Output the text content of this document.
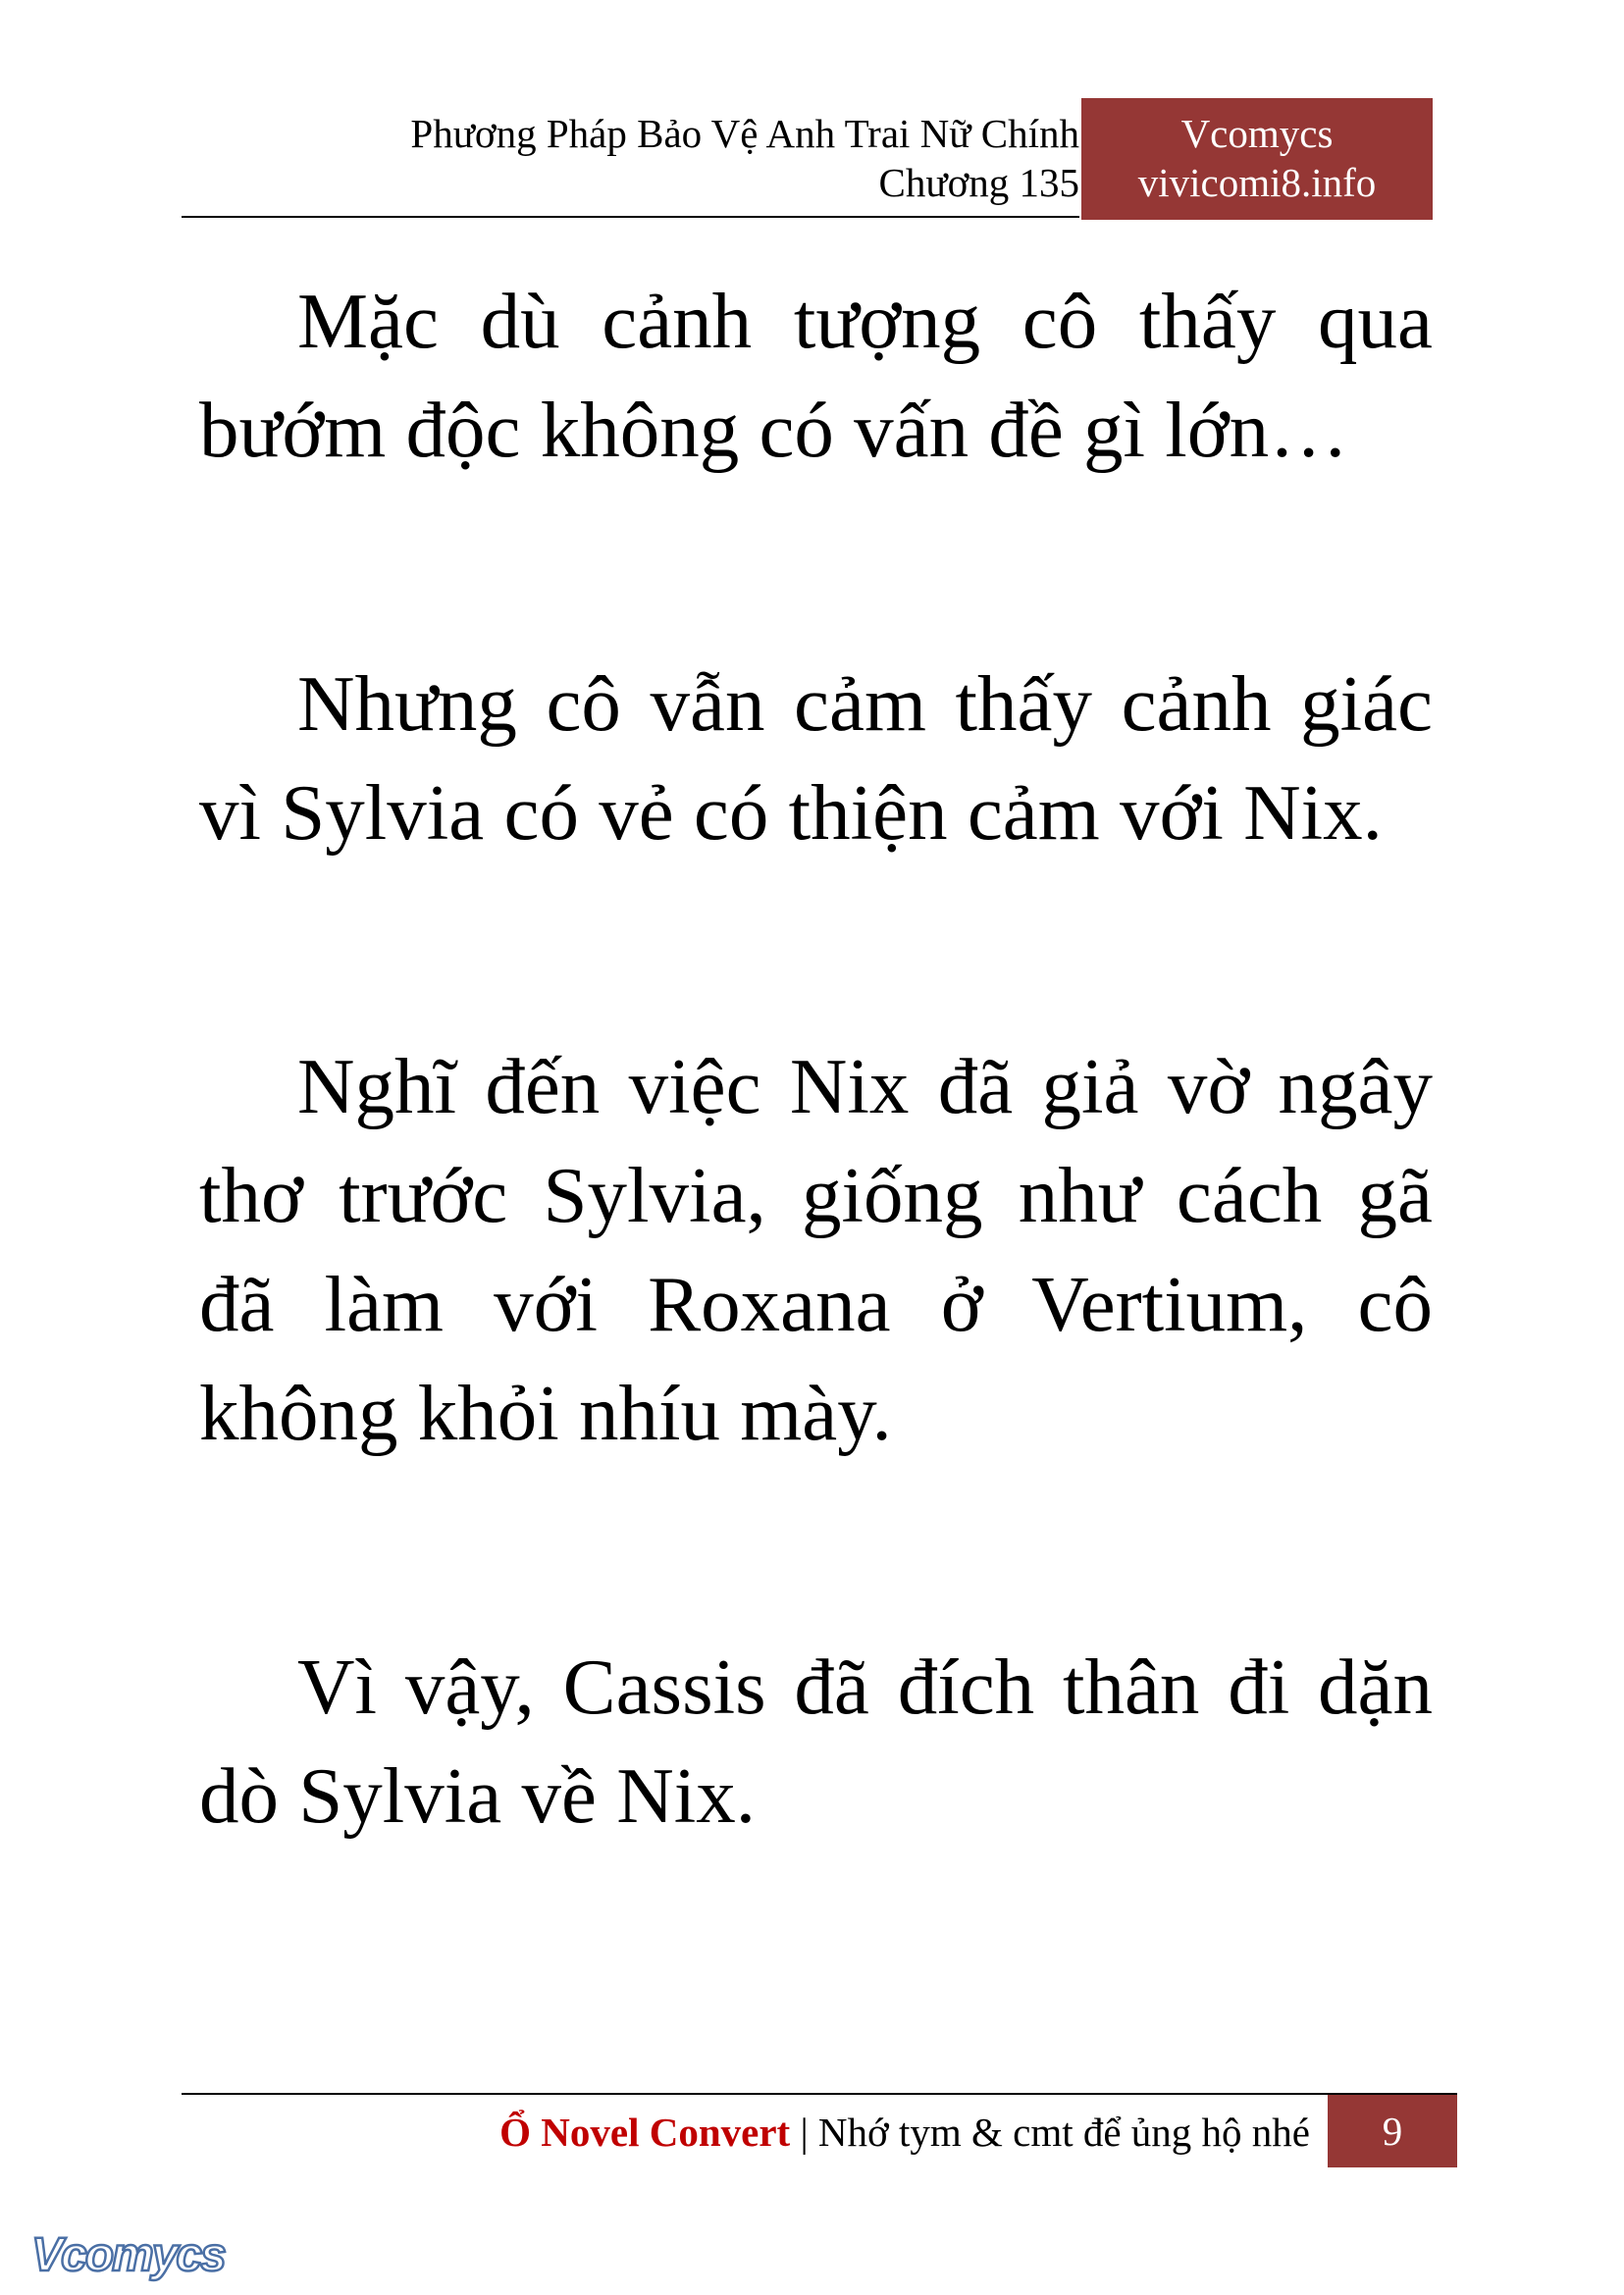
Phương Pháp Bảo Vệ Anh Trai Nữ Chính
Chương 135
Vcomycs
vivicomi8.info

Mặc dù cảnh tượng cô thấy qua bướm độc không có vấn đề gì lớn…

Nhưng cô vẫn cảm thấy cảnh giác vì Sylvia có vẻ có thiện cảm với Nix.

Nghĩ đến việc Nix đã giả vờ ngây thơ trước Sylvia, giống như cách gã đã làm với Roxana ở Vertium, cô không khỏi nhíu mày.

Vì vậy, Cassis đã đích thân đi dặn dò Sylvia về Nix.

Ổ Novel Convert | Nhớ tym & cmt để ủng hộ nhé	9
Vcomycs
